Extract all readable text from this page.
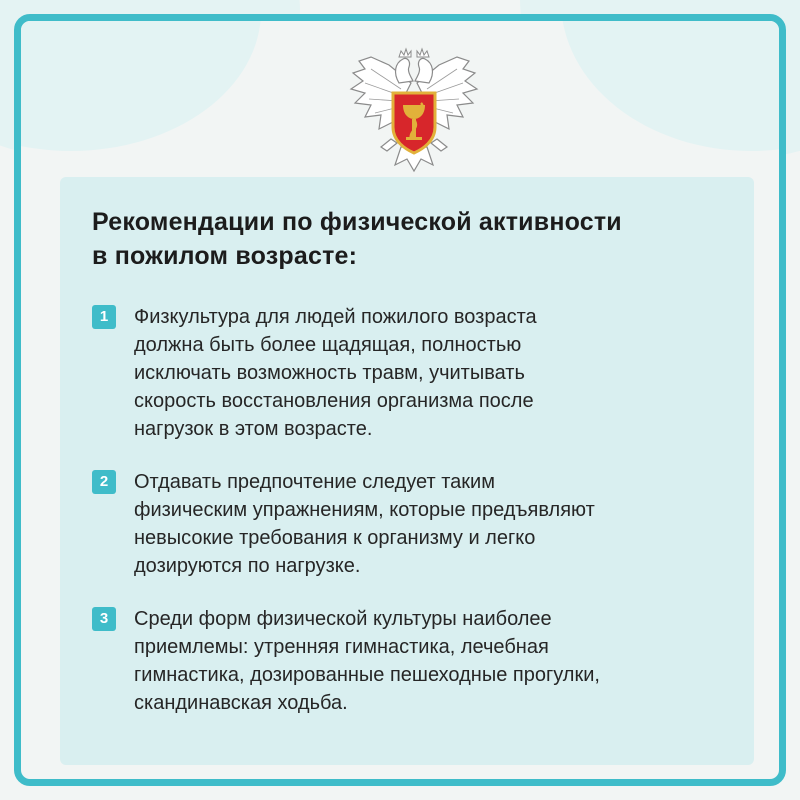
Рекомендации по физической активности
в пожилом возрасте:
1	Физкультура для людей пожилого возраста
должна быть более щадящая, полностью
исключать возможность травм, учитывать
скорость восстановления организма после
нагрузок в этом возрасте.

2	Отдавать предпочтение следует таким
физическим упражнениям, которые предъявляют
невысокие требования к организму и легко
дозируются по нагрузке.

3	Среди форм физической культуры наиболее
приемлемы: утренняя гимнастика, лечебная
гимнастика, дозированные пешеходные прогулки,
скандинавская ходьба.
